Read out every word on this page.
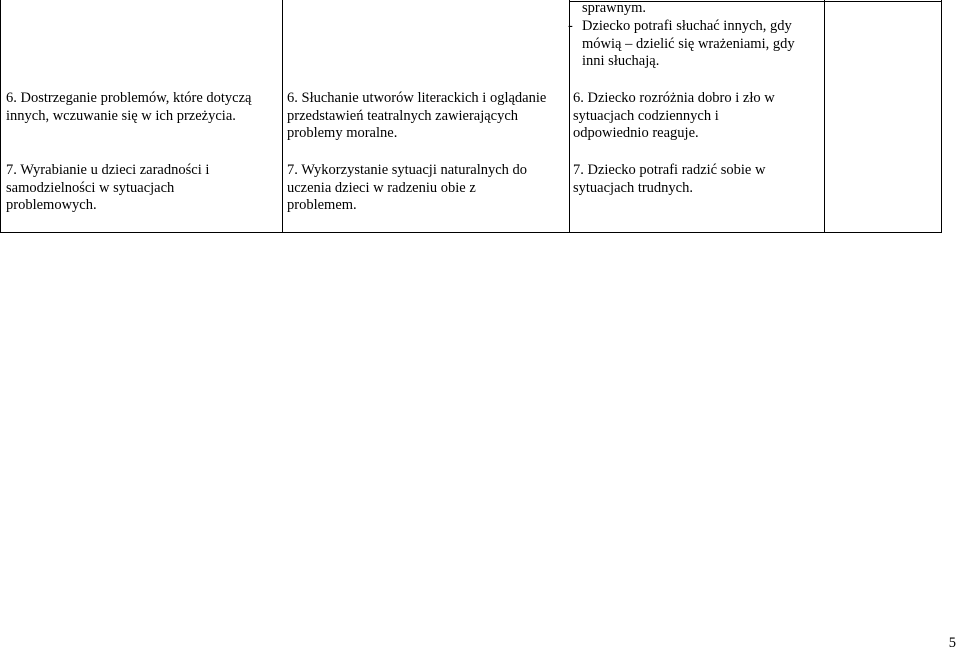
sprawnym.

- Dziecko potrafi słuchać innych, gdy

mówią – dzielić się wrażeniami, gdy

inni słuchają.

6. Dostrzeganie problemów, które dotyczą innych, wczuwanie się w ich przeżycia.

6. Słuchanie utworów literackich i oglądanie przedstawień teatralnych zawierających problemy moralne.

6. Dziecko rozróżnia dobro i zło w sytuacjach codziennych i odpowiednio reaguje.

7. Wyrabianie u dzieci zaradności i samodzielności w sytuacjach problemowych.

7. Wykorzystanie sytuacji naturalnych do uczenia dzieci w radzeniu obie z problemem.

7. Dziecko potrafi radzić sobie w sytuacjach trudnych.

5
